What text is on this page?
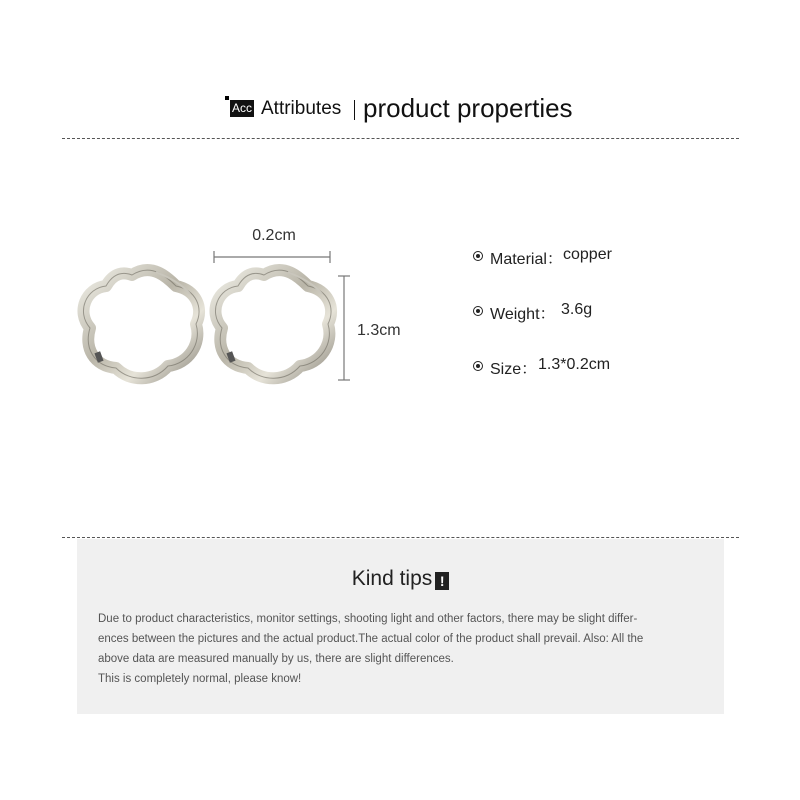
Acc Attributes product properties
0.2cm
1.3cm
Material： copper
Weight： 3.6g
Size： 1.3*0.2cm
Kind tips !
Due to product characteristics, monitor settings, shooting light and other factors, there may be slight differ-
ences between the pictures and the actual product.The actual color of the product shall prevail. Also: All the
above data are measured manually by us, there are slight differences.
This is completely normal, please know!
